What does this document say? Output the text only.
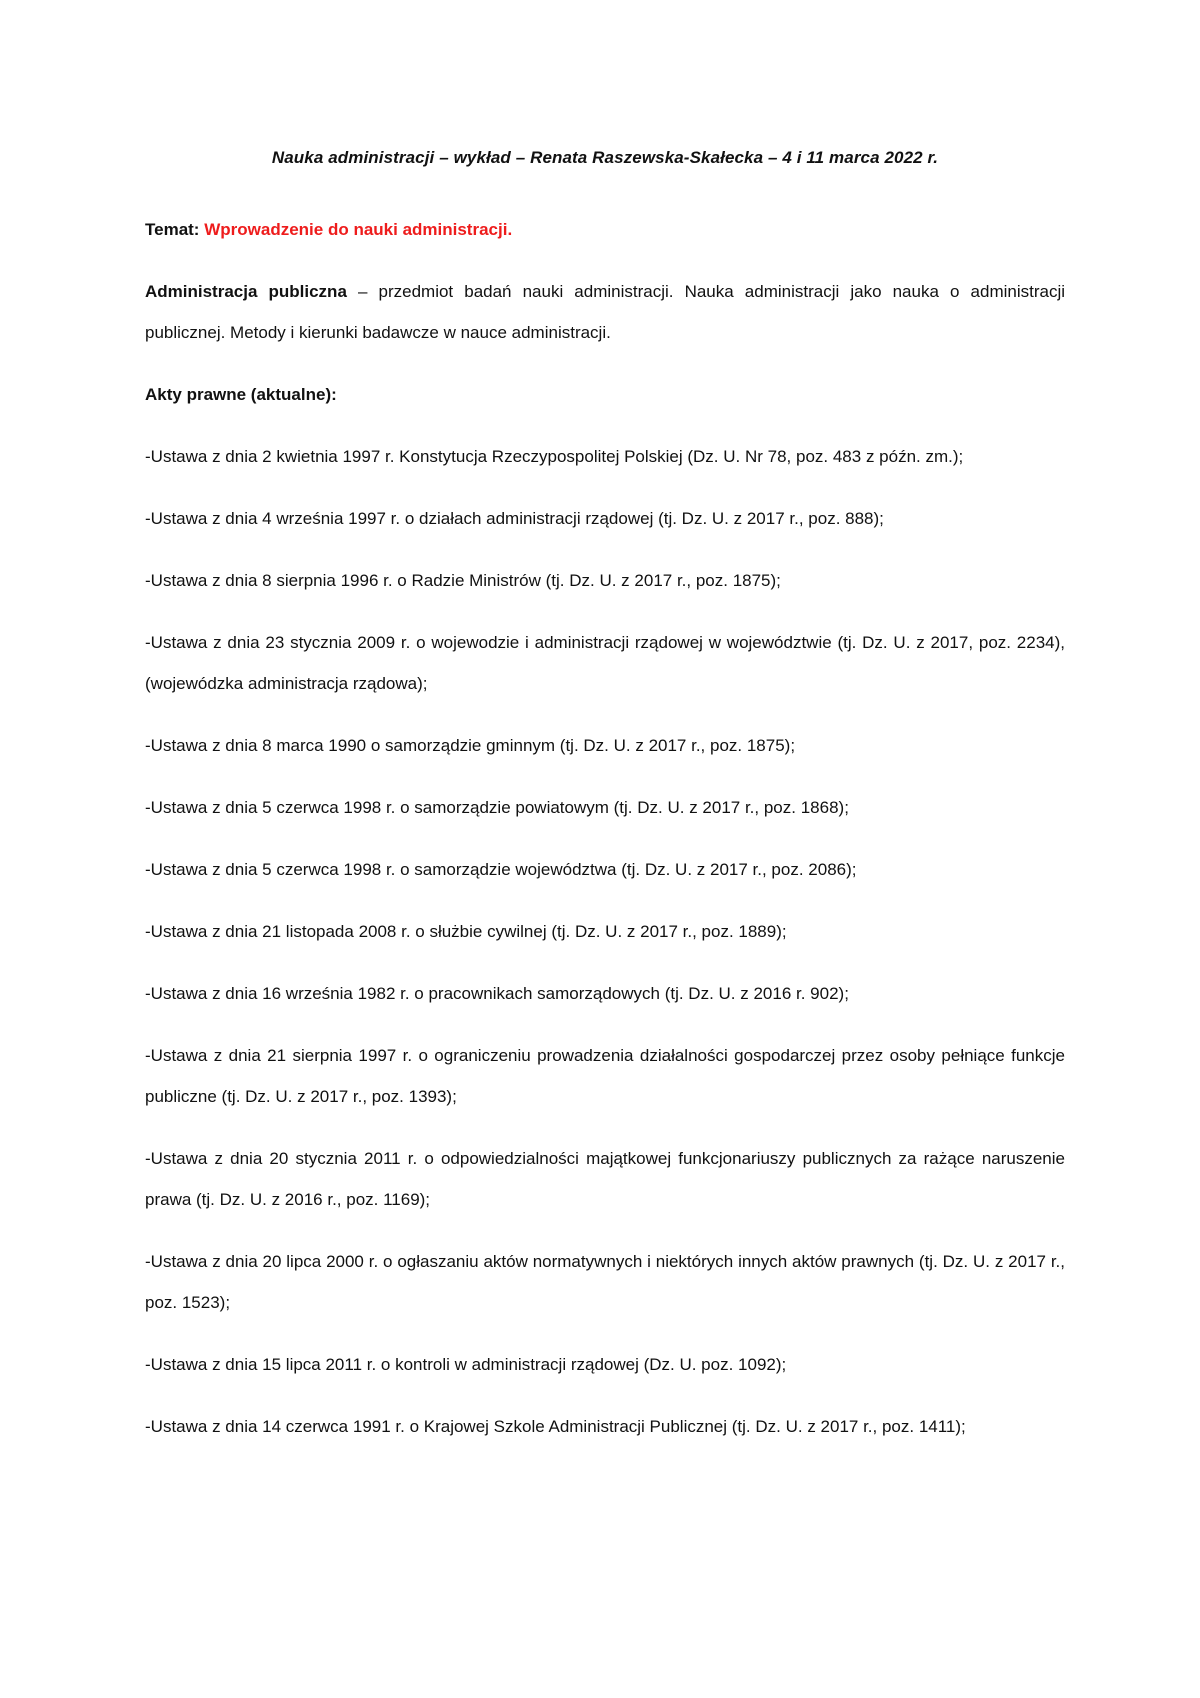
Nauka administracji – wykład – Renata Raszewska-Skałecka – 4 i 11 marca 2022 r.

Temat: Wprowadzenie do nauki administracji.

Administracja publiczna – przedmiot badań nauki administracji. Nauka administracji jako nauka o administracji publicznej. Metody i kierunki badawcze w nauce administracji.

Akty prawne (aktualne):

-Ustawa z dnia 2 kwietnia 1997 r. Konstytucja Rzeczypospolitej Polskiej (Dz. U. Nr 78, poz. 483 z późn. zm.);
-Ustawa z dnia 4 września 1997 r. o działach administracji rządowej (tj. Dz. U. z 2017 r., poz. 888);
-Ustawa z dnia 8 sierpnia 1996 r. o Radzie Ministrów (tj. Dz. U. z 2017 r., poz. 1875);
-Ustawa z dnia 23 stycznia 2009 r. o wojewodzie i administracji rządowej w województwie (tj. Dz. U. z 2017, poz. 2234), (wojewódzka administracja rządowa);
-Ustawa z dnia 8 marca 1990 o samorządzie gminnym (tj. Dz. U. z 2017 r., poz. 1875);
-Ustawa z dnia 5 czerwca 1998 r. o samorządzie powiatowym (tj. Dz. U. z 2017 r., poz. 1868);
-Ustawa z dnia 5 czerwca 1998 r. o samorządzie województwa (tj. Dz. U. z 2017 r., poz. 2086);
-Ustawa z dnia 21 listopada 2008 r. o służbie cywilnej (tj. Dz. U. z 2017 r., poz. 1889);
-Ustawa z dnia 16 września 1982 r. o pracownikach samorządowych (tj. Dz. U. z 2016 r. 902);
-Ustawa z dnia 21 sierpnia 1997 r. o ograniczeniu prowadzenia działalności gospodarczej przez osoby pełniące funkcje publiczne (tj. Dz. U. z 2017 r., poz. 1393);
-Ustawa z dnia 20 stycznia 2011 r. o odpowiedzialności majątkowej funkcjonariuszy publicznych za rażące naruszenie prawa (tj. Dz. U. z 2016 r., poz. 1169);
-Ustawa z dnia 20 lipca 2000 r. o ogłaszaniu aktów normatywnych i niektórych innych aktów prawnych (tj. Dz. U. z 2017 r., poz. 1523);
-Ustawa z dnia 15 lipca 2011 r. o kontroli w administracji rządowej (Dz. U. poz. 1092);
-Ustawa z dnia 14 czerwca 1991 r. o Krajowej Szkole Administracji Publicznej (tj. Dz. U. z 2017 r., poz. 1411);
